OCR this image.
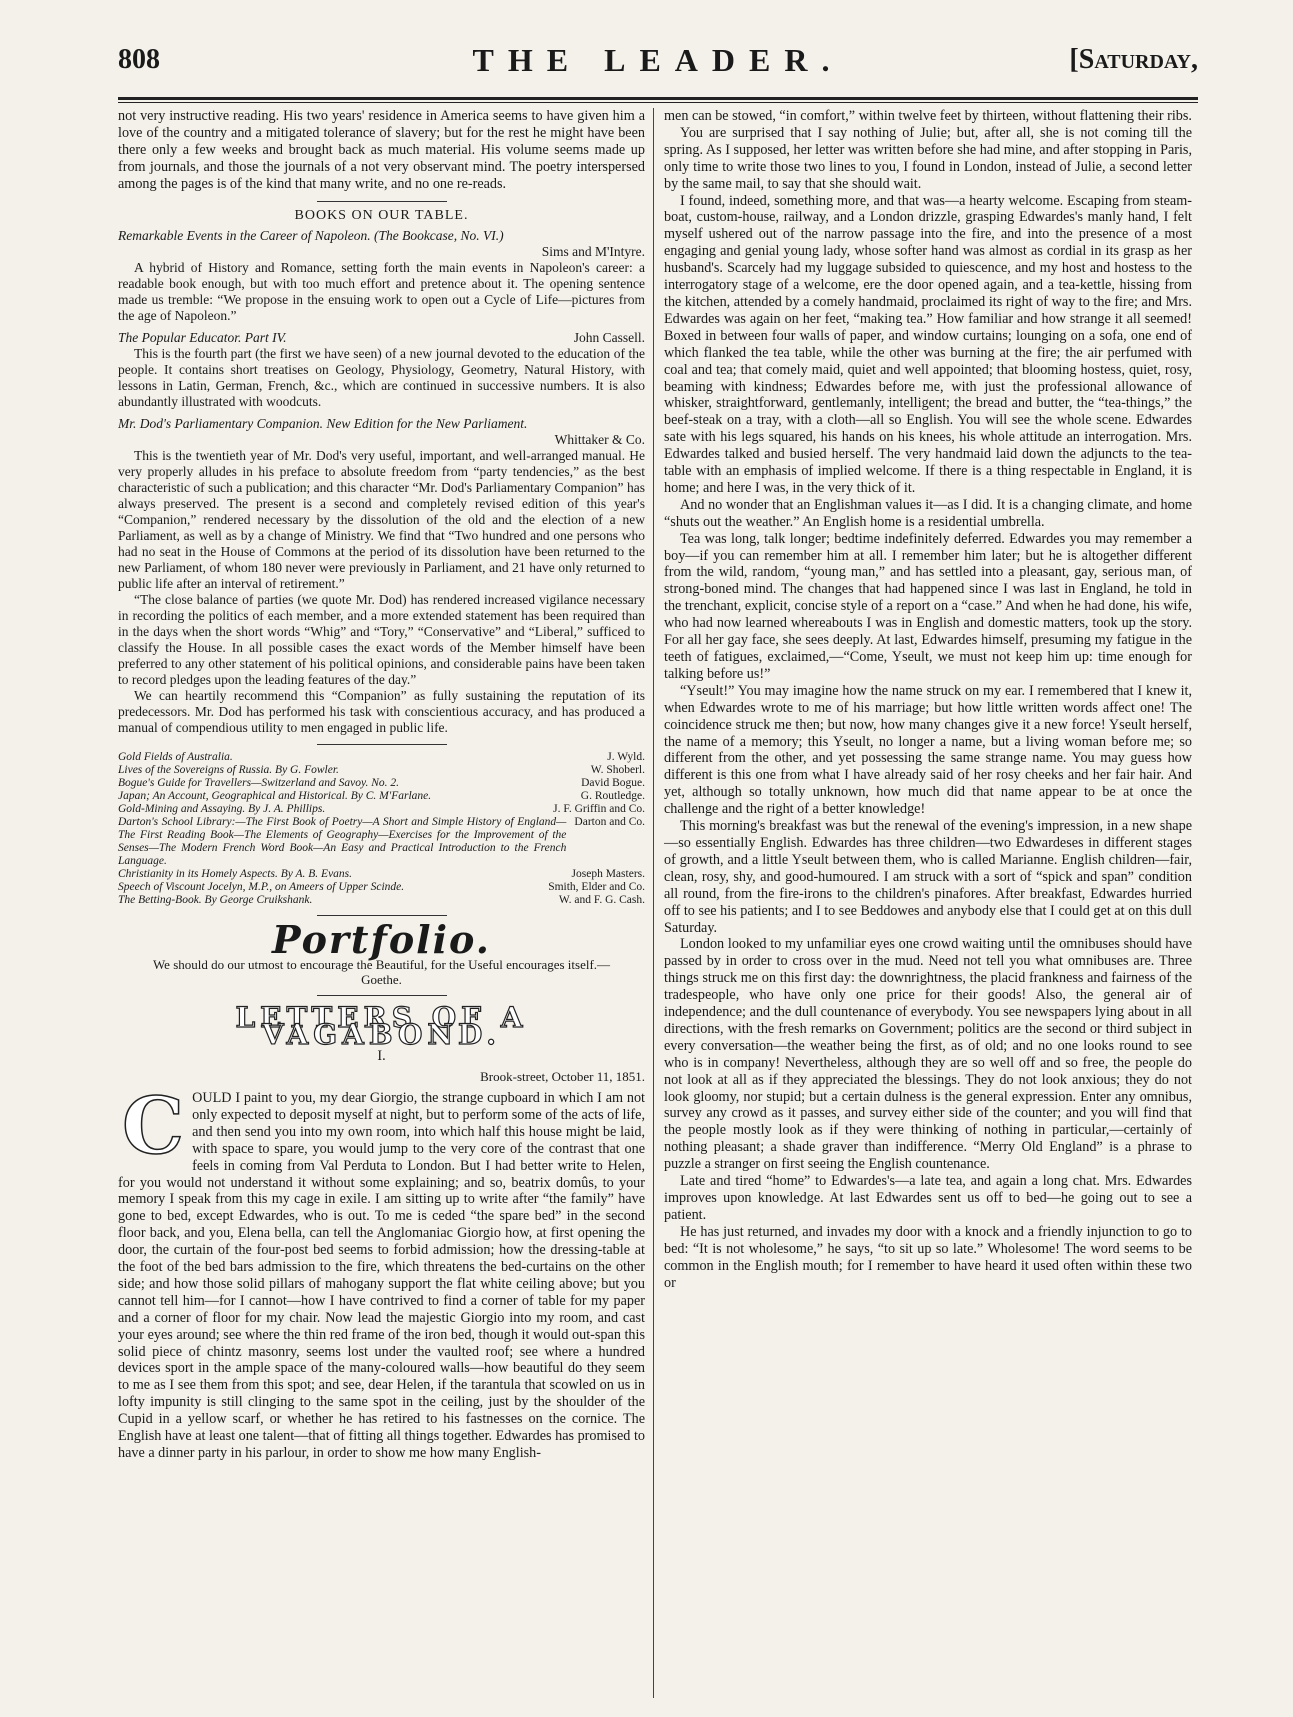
808	THE LEADER.	[Saturday,

not very instructive reading. His two years' residence in America seems to have given him a love of the country and a mitigated tolerance of slavery; but for the rest he might have been there only a few weeks and brought back as much material. His volume seems made up from journals, and those the journals of a not very observant mind. The poetry interspersed among the pages is of the kind that many write, and no one re-reads.

BOOKS ON OUR TABLE.
Remarkable Events in the Career of Napoleon. (The Bookcase, No. VI.)
Sims and M'Intyre.

A hybrid of History and Romance, setting forth the main events in Napoleon's career: a readable book enough, but with too much effort and pretence about it. The opening sentence made us tremble: “We propose in the ensuing work to open out a Cycle of Life—pictures from the age of Napoleon.”

The Popular Educator. Part IV.	John Cassell.

This is the fourth part (the first we have seen) of a new journal devoted to the education of the people. It contains short treatises on Geology, Physiology, Geometry, Natural History, with lessons in Latin, German, French, &c., which are continued in successive numbers. It is also abundantly illustrated with woodcuts.

Mr. Dod's Parliamentary Companion. New Edition for the New Parliament.
Whittaker & Co.

This is the twentieth year of Mr. Dod's very useful, important, and well-arranged manual. He very properly alludes in his preface to absolute freedom from “party tendencies,” as the best characteristic of such a publication; and this character “Mr. Dod's Parliamentary Companion” has always preserved. The present is a second and completely revised edition of this year's “Companion,” rendered necessary by the dissolution of the old and the election of a new Parliament, as well as by a change of Ministry. We find that “Two hundred and one persons who had no seat in the House of Commons at the period of its dissolution have been returned to the new Parliament, of whom 180 never were previously in Parliament, and 21 have only returned to public life after an interval of retirement.”

“The close balance of parties (we quote Mr. Dod) has rendered increased vigilance necessary in recording the politics of each member, and a more extended statement has been required than in the days when the short words “Whig” and “Tory,” “Conservative” and “Liberal,” sufficed to classify the House. In all possible cases the exact words of the Member himself have been preferred to any other statement of his political opinions, and considerable pains have been taken to record pledges upon the leading features of the day.”

We can heartily recommend this “Companion” as fully sustaining the reputation of its predecessors. Mr. Dod has performed his task with conscientious accuracy, and has produced a manual of compendious utility to men engaged in public life.

Gold Fields of Australia.	J. Wyld.
Lives of the Sovereigns of Russia. By G. Fowler.	W. Shoberl.
Bogue's Guide for Travellers—Switzerland and Savoy. No. 2.	David Bogue.
Japan; An Account, Geographical and Historical. By C. M'Farlane.	G. Routledge.
Gold-Mining and Assaying. By J. A. Phillips.	J. F. Griffin and Co.
Darton's School Library:—The First Book of Poetry—A Short and Simple History of England— The First Reading Book—The Elements of Geography—Exercises for the Improvement of the Senses—The Modern French Word Book—An Easy and Practical Introduction to the French Language.
Darton and Co.
Christianity in its Homely Aspects. By A. B. Evans.	Joseph Masters.
Speech of Viscount Jocelyn, M.P., on Ameers of Upper Scinde.	Smith, Elder and Co.
The Betting-Book. By George Cruikshank.	W. and F. G. Cash.
Portfolio.
We should do our utmost to encourage the Beautiful, for the Useful encourages itself.—Goethe.
LETTERS OF A VAGABOND.
I.
Brook-street, October 11, 1851.

COULD I paint to you, my dear Giorgio, the strange cupboard in which I am not only expected to deposit myself at night, but to perform some of the acts of life, and then send you into my own room, into which half this house might be laid, with space to spare, you would jump to the very core of the contrast that one feels in coming from Val Perduta to London. But I had better write to Helen, for you would not understand it without some explaining; and so, beatrix domûs, to your memory I speak from this my cage in exile. I am sitting up to write after “the family” have gone to bed, except Edwardes, who is out. To me is ceded “the spare bed” in the second floor back, and you, Elena bella, can tell the Anglomaniac Giorgio how, at first opening the door, the curtain of the four-post bed seems to forbid admission; how the dressing-table at the foot of the bed bars admission to the fire, which threatens the bed-curtains on the other side; and how those solid pillars of mahogany support the flat white ceiling above; but you cannot tell him—for I cannot—how I have contrived to find a corner of table for my paper and a corner of floor for my chair. Now lead the majestic Giorgio into my room, and cast your eyes around; see where the thin red frame of the iron bed, though it would out-span this solid piece of chintz masonry, seems lost under the vaulted roof; see where a hundred devices sport in the ample space of the many-coloured walls—how beautiful do they seem to me as I see them from this spot; and see, dear Helen, if the tarantula that scowled on us in lofty impunity is still clinging to the same spot in the ceiling, just by the shoulder of the Cupid in a yellow scarf, or whether he has retired to his fastnesses on the cornice. The English have at least one talent—that of fitting all things together. Edwardes has promised to have a dinner party in his parlour, in order to show me how many English-

men can be stowed, “in comfort,” within twelve feet by thirteen, without flattening their ribs.

You are surprised that I say nothing of Julie; but, after all, she is not coming till the spring. As I supposed, her letter was written before she had mine, and after stopping in Paris, only time to write those two lines to you, I found in London, instead of Julie, a second letter by the same mail, to say that she should wait.

I found, indeed, something more, and that was—a hearty welcome. Escaping from steam-boat, custom-house, railway, and a London drizzle, grasping Edwardes's manly hand, I felt myself ushered out of the narrow passage into the fire, and into the presence of a most engaging and genial young lady, whose softer hand was almost as cordial in its grasp as her husband's. Scarcely had my luggage subsided to quiescence, and my host and hostess to the interrogatory stage of a welcome, ere the door opened again, and a tea-kettle, hissing from the kitchen, attended by a comely handmaid, proclaimed its right of way to the fire; and Mrs. Edwardes was again on her feet, “making tea.” How familiar and how strange it all seemed! Boxed in between four walls of paper, and window curtains; lounging on a sofa, one end of which flanked the tea table, while the other was burning at the fire; the air perfumed with coal and tea; that comely maid, quiet and well appointed; that blooming hostess, quiet, rosy, beaming with kindness; Edwardes before me, with just the professional allowance of whisker, straightforward, gentlemanly, intelligent; the bread and butter, the “tea-things,” the beef-steak on a tray, with a cloth—all so English. You will see the whole scene. Edwardes sate with his legs squared, his hands on his knees, his whole attitude an interrogation. Mrs. Edwardes talked and busied herself. The very handmaid laid down the adjuncts to the tea-table with an emphasis of implied welcome. If there is a thing respectable in England, it is home; and here I was, in the very thick of it.

And no wonder that an Englishman values it—as I did. It is a changing climate, and home “shuts out the weather.” An English home is a residential umbrella.

Tea was long, talk longer; bedtime indefinitely deferred. Edwardes you may remember a boy—if you can remember him at all. I remember him later; but he is altogether different from the wild, random, “young man,” and has settled into a pleasant, gay, serious man, of strong-boned mind. The changes that had happened since I was last in England, he told in the trenchant, explicit, concise style of a report on a “case.” And when he had done, his wife, who had now learned whereabouts I was in English and domestic matters, took up the story. For all her gay face, she sees deeply. At last, Edwardes himself, presuming my fatigue in the teeth of fatigues, exclaimed,—“Come, Yseult, we must not keep him up: time enough for talking before us!”

“Yseult!” You may imagine how the name struck on my ear. I remembered that I knew it, when Edwardes wrote to me of his marriage; but how little written words affect one! The coincidence struck me then; but now, how many changes give it a new force! Yseult herself, the name of a memory; this Yseult, no longer a name, but a living woman before me; so different from the other, and yet possessing the same strange name. You may guess how different is this one from what I have already said of her rosy cheeks and her fair hair. And yet, although so totally unknown, how much did that name appear to be at once the challenge and the right of a better knowledge!

This morning's breakfast was but the renewal of the evening's impression, in a new shape—so essentially English. Edwardes has three children—two Edwardeses in different stages of growth, and a little Yseult between them, who is called Marianne. English children—fair, clean, rosy, shy, and good-humoured. I am struck with a sort of “spick and span” condition all round, from the fire-irons to the children's pinafores. After breakfast, Edwardes hurried off to see his patients; and I to see Beddowes and anybody else that I could get at on this dull Saturday.

London looked to my unfamiliar eyes one crowd waiting until the omnibuses should have passed by in order to cross over in the mud. Need not tell you what omnibuses are. Three things struck me on this first day: the downrightness, the placid frankness and fairness of the tradespeople, who have only one price for their goods! Also, the general air of independence; and the dull countenance of everybody. You see newspapers lying about in all directions, with the fresh remarks on Government; politics are the second or third subject in every conversation—the weather being the first, as of old; and no one looks round to see who is in company! Nevertheless, although they are so well off and so free, the people do not look at all as if they appreciated the blessings. They do not look anxious; they do not look gloomy, nor stupid; but a certain dulness is the general expression. Enter any omnibus, survey any crowd as it passes, and survey either side of the counter; and you will find that the people mostly look as if they were thinking of nothing in particular,—certainly of nothing pleasant; a shade graver than indifference. “Merry Old England” is a phrase to puzzle a stranger on first seeing the English countenance.

Late and tired “home” to Edwardes's—a late tea, and again a long chat. Mrs. Edwardes improves upon knowledge. At last Edwardes sent us off to bed—he going out to see a patient.

He has just returned, and invades my door with a knock and a friendly injunction to go to bed: “It is not wholesome,” he says, “to sit up so late.” Wholesome! The word seems to be common in the English mouth; for I remember to have heard it used often within these two or
